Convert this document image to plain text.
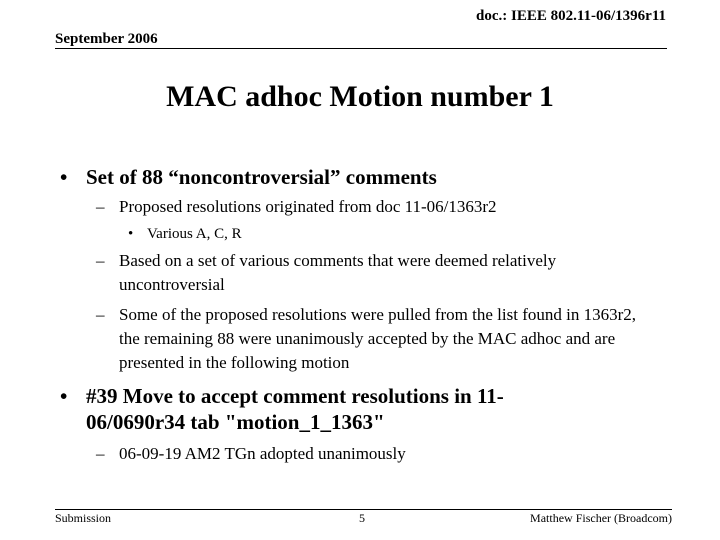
doc.: IEEE 802.11-06/1396r11
September 2006
MAC adhoc Motion number 1
• Set of 88 “noncontroversial” comments
– Proposed resolutions originated from doc 11-06/1363r2
• Various A, C, R
– Based on a set of various comments that were deemed relatively uncontroversial
– Some of the proposed resolutions were pulled from the list found in 1363r2, the remaining 88 were unanimously accepted by the MAC adhoc and are presented in the following motion
• #39 Move to accept comment resolutions in 11-06/0690r34 tab "motion_1_1363"
– 06-09-19 AM2 TGn adopted unanimously
Submission	5	Matthew Fischer (Broadcom)
